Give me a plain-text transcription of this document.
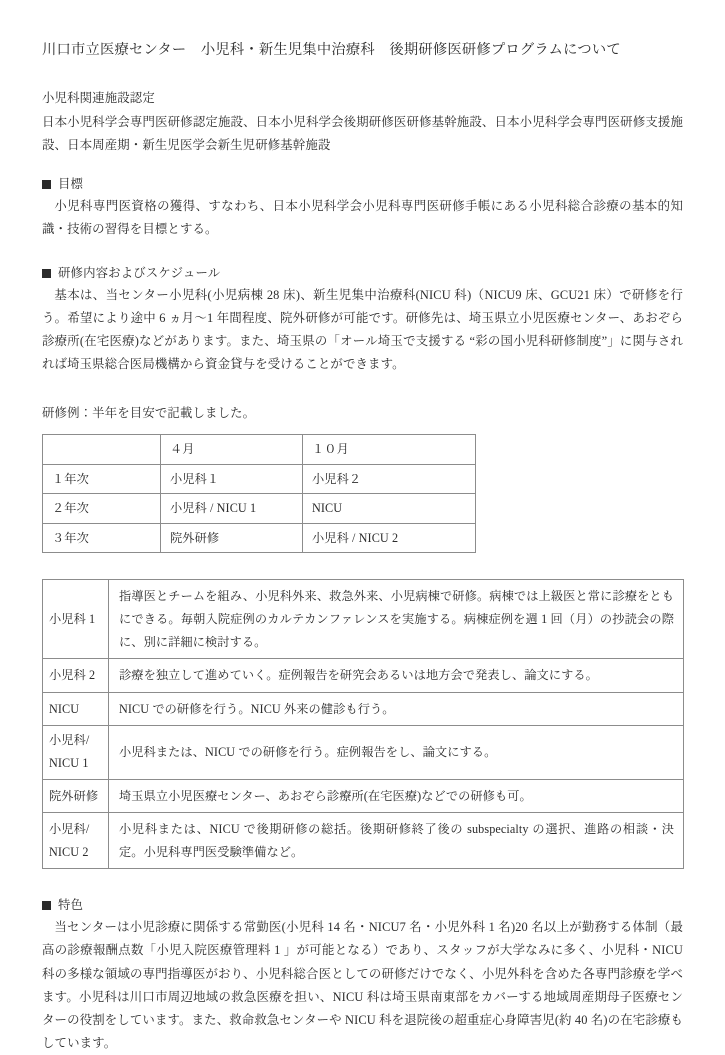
川口市立医療センター　小児科・新生児集中治療科　後期研修医研修プログラムについて

小児科関連施設認定

日本小児科学会専門医研修認定施設、日本小児科学会後期研修医研修基幹施設、日本小児科学会専門医研修支援施設、日本周産期・新生児医学会新生児研修基幹施設

目標

小児科専門医資格の獲得、すなわち、日本小児科学会小児科専門医研修手帳にある小児科総合診療の基本的知識・技術の習得を目標とする。

研修内容およびスケジュール

基本は、当センター小児科(小児病棟 28 床)、新生児集中治療科(NICU 科)（NICU9 床、GCU21 床）で研修を行う。希望により途中 6 ヵ月～1 年間程度、院外研修が可能です。研修先は、埼玉県立小児医療センター、あおぞら診療所(在宅医療)などがあります。また、埼玉県の「オール埼玉で支援する “彩の国小児科研修制度”」に関与されれば埼玉県総合医局機構から資金貸与を受けることができます。

研修例：半年を目安で記載しました。

	４月	１０月
１年次	小児科１	小児科２
２年次	小児科 / NICU 1	NICU
３年次	院外研修	小児科 / NICU 2
小児科 1	指導医とチームを組み、小児科外来、救急外来、小児病棟で研修。病棟では上級医と常に診療をともにできる。毎朝入院症例のカルテカンファレンスを実施する。病棟症例を週 1 回（月）の抄読会の際に、別に詳細に検討する。
小児科 2	診療を独立して進めていく。症例報告を研究会あるいは地方会で発表し、論文にする。
NICU	NICU での研修を行う。NICU 外来の健診も行う。

小児科/
NICU 1	小児科または、NICU での研修を行う。症例報告をし、論文にする。
院外研修	埼玉県立小児医療センター、あおぞら診療所(在宅医療)などでの研修も可。

小児科/
NICU 2	小児科または、NICU で後期研修の総括。後期研修終了後の subspecialty の選択、進路の相談・決定。小児科専門医受験準備など。
特色

当センターは小児診療に関係する常勤医(小児科 14 名・NICU7 名・小児外科 1 名)20 名以上が勤務する体制（最高の診療報酬点数「小児入院医療管理料 1 」が可能となる）であり、スタッフが大学なみに多く、小児科・NICU 科の多様な領域の専門指導医がおり、小児科総合医としての研修だけでなく、小児外科を含めた各専門診療を学べます。小児科は川口市周辺地域の救急医療を担い、NICU 科は埼玉県南東部をカバーする地域周産期母子医療センターの役割をしています。また、救命救急センターや NICU 科を退院後の超重症心身障害児(約 40 名)の在宅診療もしています。
